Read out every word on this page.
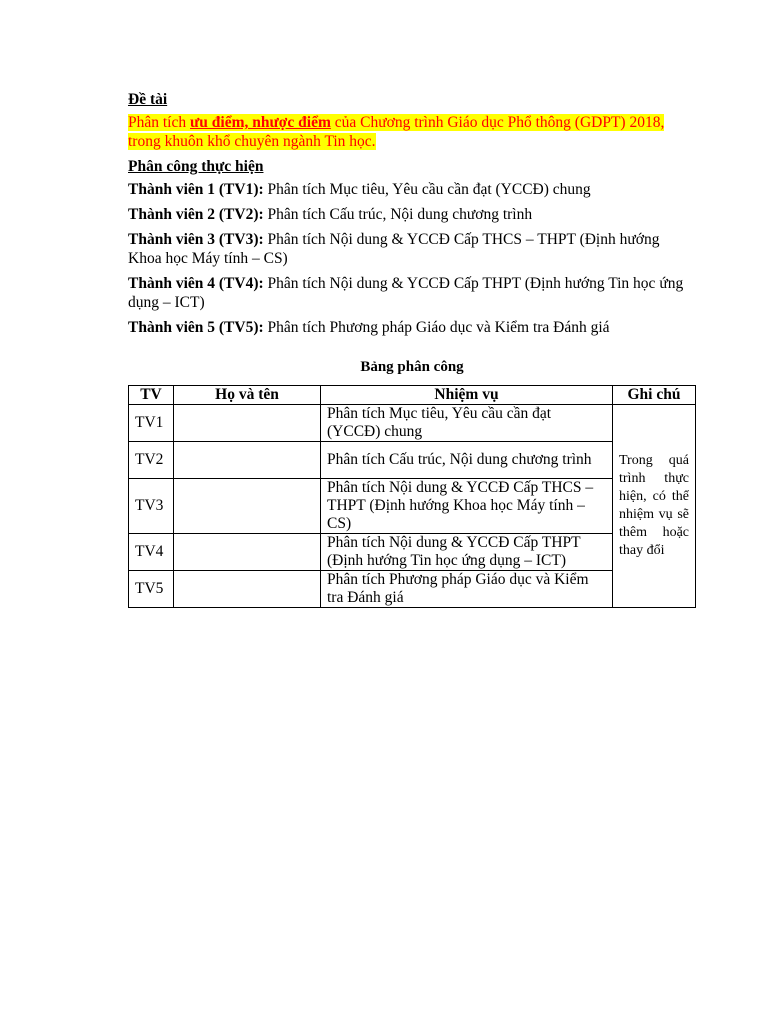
Đề tài
Phân tích ưu điểm, nhược điểm của Chương trình Giáo dục Phổ thông (GDPT) 2018, trong khuôn khổ chuyên ngành Tin học.
Phân công thực hiện
Thành viên 1 (TV1): Phân tích Mục tiêu, Yêu cầu cần đạt (YCCĐ) chung
Thành viên 2 (TV2): Phân tích Cấu trúc, Nội dung chương trình
Thành viên 3 (TV3): Phân tích Nội dung & YCCĐ Cấp THCS – THPT (Định hướng Khoa học Máy tính – CS)
Thành viên 4 (TV4): Phân tích Nội dung & YCCĐ Cấp THPT (Định hướng Tin học ứng dụng – ICT)
Thành viên 5 (TV5): Phân tích Phương pháp Giáo dục và Kiểm tra Đánh giá
Bảng phân công
TV	Họ và tên	Nhiệm vụ	Ghi chú
TV1		Phân tích Mục tiêu, Yêu cầu cần đạt (YCCĐ) chung	Trong quá trình thực hiện, có thể nhiệm vụ sẽ thêm hoặc thay đổi
TV2		Phân tích Cấu trúc, Nội dung chương trình	
TV3		Phân tích Nội dung & YCCĐ Cấp THCS – THPT (Định hướng Khoa học Máy tính – CS)	
TV4		Phân tích Nội dung & YCCĐ Cấp THPT (Định hướng Tin học ứng dụng – ICT)	
TV5		Phân tích Phương pháp Giáo dục và Kiểm tra Đánh giá	
